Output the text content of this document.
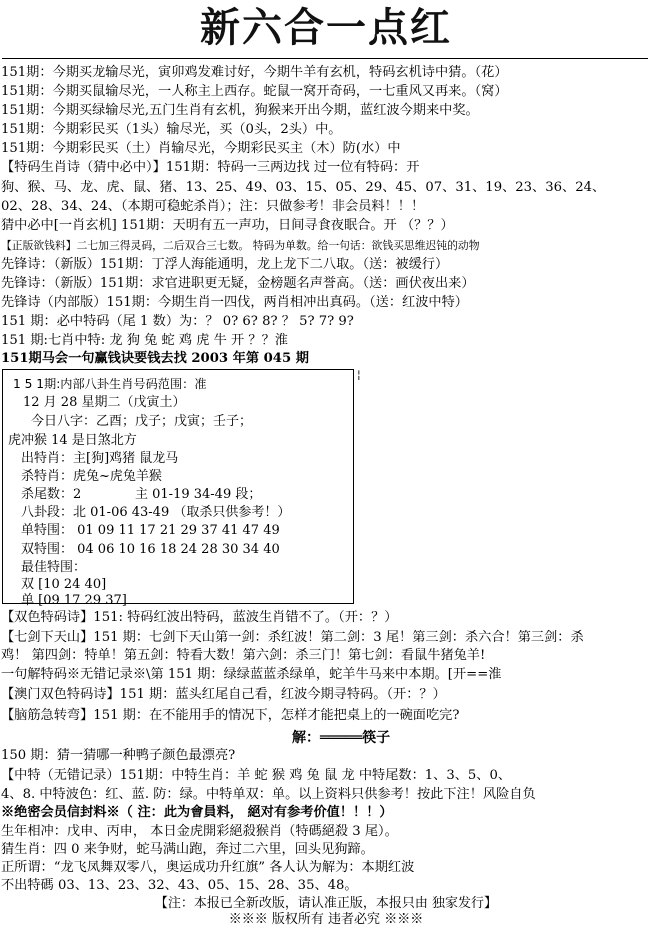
新六合一点红
151期：今期买龙输尽光，寅卯鸡发难讨好，今期牛羊有玄机，特码玄机诗中猜。（花）
151期：今期买鼠输尽光，一人称主上西存。蛇鼠一窝开奇码，一七重风又再来。（窝）
151期：今期买绿输尽光,五门生肖有玄机，狗猴来开出今期，蓝红波今期来中奖。
151期：今期彩民买（1头）输尽光，买（0头，2头）中。
151期：今期彩民买（土）肖输尽光，今期彩民买主（木）防(水）中
【特码生肖诗（猜中必中）】151期：特码一三两边找 过一位有特码：开
狗、猴、马、龙、虎、鼠、猪、13、25、49、03、15、05、29、45、07、31、19、23、36、24、
02、28、34、24、（本期可稳蛇杀肖）；注：只做参考！非会员料！！！
猜中必中[一肖玄机] 151期：天明有五一声功，日间寻食夜眠合。开 （？？）
【正版欲钱料】二七加三得灵码，二后双合三七数。 特码为单数。给一句话：欲钱买思维迟钝的动物
先锋诗：（新版）151期：丁浮人海能通明，龙上龙下二八取。（送：被缓行）
先锋诗：（新版）151期：求官进职更无疑，金榜题名声誉高。（送：画伏夜出来）
先锋诗（内部版）151期：今期生肖一四伐，两肖相冲出真码。（送：红波中特）
151 期：必中特码（尾 1 数）为：？ 0? 6? 8? ？ 5? 7? 9?
151 期:七肖中特: 龙 狗 兔 蛇 鸡 虎 牛 开 ？？淮
151期马会一句赢钱诀要钱去找 2003 年第 045 期
1 5 1期:内部八卦生肖号码范围：准
12 月 28 星期二（戊寅土）
今日八字：乙酉；戊子；戊寅；壬子；
虎冲猴 14 是日煞北方
出特肖：主[狗]鸡猪 鼠龙马
杀特肖：虎兔~虎兔羊猴
杀尾数：2	主 01-19 34-49 段；
八卦段：北 01-06 43-49 （取杀只供参考！）
单特围： 01 09 11 17 21 29 37 41 47 49
双特围： 04 06 10 16 18 24 28 30 34 40
最佳特围：
双 [10 24 40]
单 [09 17 29 37]
¦
【双色特码诗】151: 特码红波出特码，蓝波生肖错不了。（开：？）
【七剑下天山】151 期：七剑下天山第一剑：杀红波！第二剑：3 尾！第三剑：杀六合！第三剑：杀
鸡！ 第四剑：特单！第五剑：特看大数！第六剑：杀三门！第七剑：看鼠牛猪兔羊!
一句解特码※无错记录※\第 151 期：绿绿蓝蓝杀绿单，蛇羊牛马来中本期。[开==淮
【澳门双色特码诗】151 期：蓝头红尾自己看，红波今期寻特码。（开：？）
【脑筋急转弯】151 期：在不能用手的情况下，怎样才能把桌上的一碗面吃完?
解：═════筷子
150 期：猜一猜哪一种鸭子颜色最漂亮?
【中特（无错记录）151期：中特生肖：羊 蛇 猴 鸡 兔 鼠 龙 中特尾数：1、3、5、0、
4、8. 中特波色：红、蓝. 防：绿。中特单双：单。以上资料只供参考！按此下注！风险自负
※绝密会员信封料※（ 注：此为會員料， 絕对有参考价值！！！）
生年相冲：戊申、丙申， 本日金虎開彩絕殺猴肖（特碼絕殺 3 尾）。
猜生肖：四 0 来争财，蛇马满山跑，奔过二六里，回头见狗蹄。
正所谓：“龙飞凤舞双零八，奥运成功升红旗” 各人认为解为：本期红波
不出特碼 03、13、23、32、43、05、15、28、35、48。
【注：本报已全新改版，请认准正版，本报只由 独家发行】
※※※ 版权所有 违者必究 ※※※
